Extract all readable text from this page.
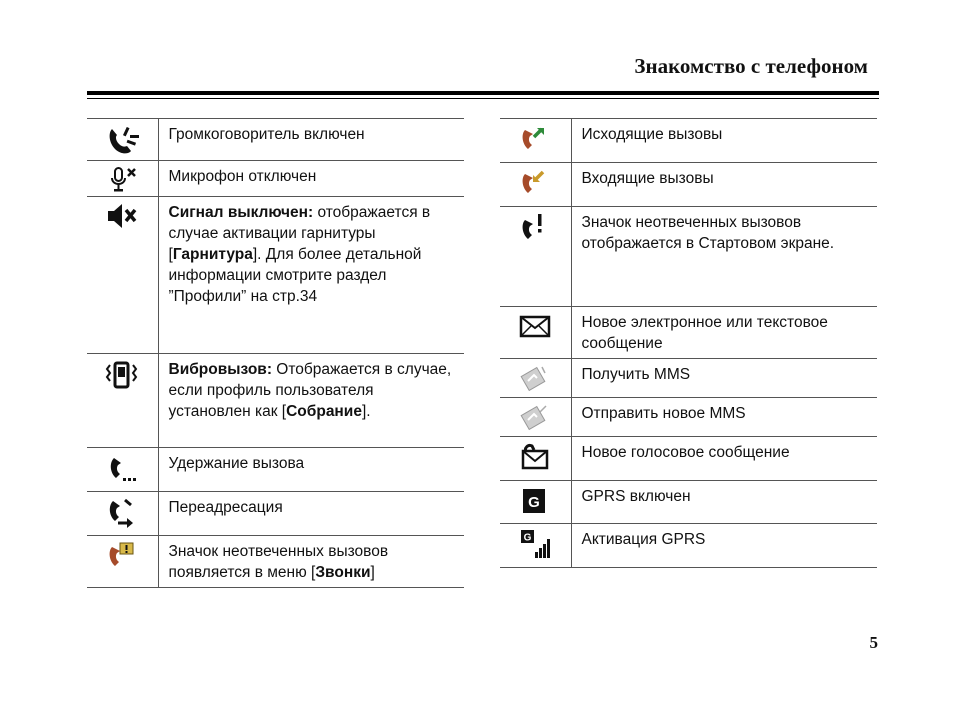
Знакомство с телефоном
	Громкоговоритель включен

	Микрофон отключен

	Сигнал выключен: отображается в случае активации гарнитуры [Гарнитура]. Для более детальной информации смотрите раздел ”Профили” на стр.34

	Вибровызов: Отображается в случае, если профиль пользователя установлен как [Собрание].

	Удержание вызова

	Переадресация

	Значок неотвеченных вызовов появляется в меню [Звонки]
	Исходящие вызовы

	Входящие вызовы

	Значок неотвеченных вызовов отображается в Стартовом экране.

	Новое электронное или текстовое сообщение

	Получить MMS

	Отправить новое MMS

	Новое голосовое сообщение

G	GPRS включен

G	Активация GPRS
5
